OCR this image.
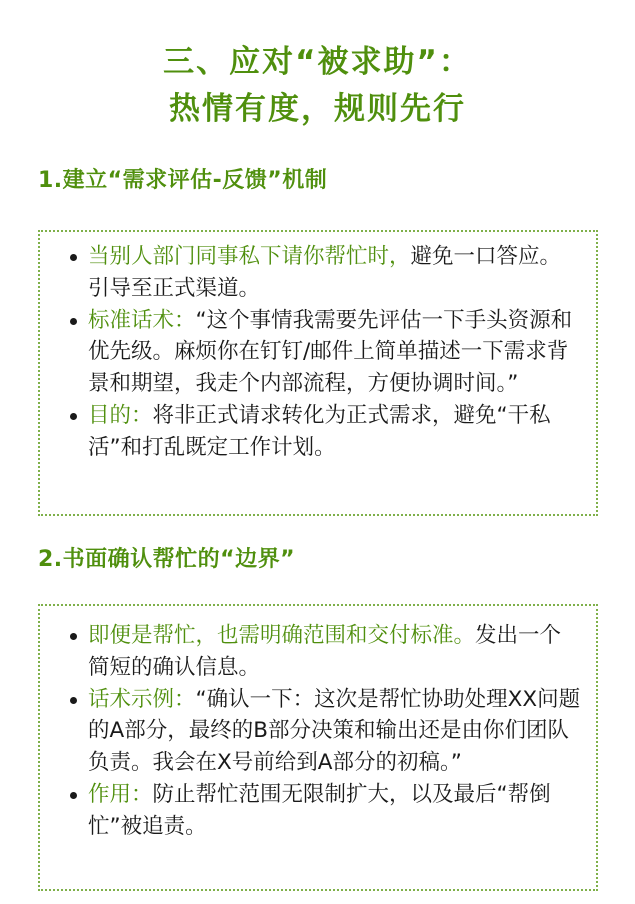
三、应对“被求助”：
热情有度，规则先行
1.建立“需求评估-反馈”机制
当别人部门同事私下请你帮忙时，避免一口答应。引导至正式渠道。
标准话术：“这个事情我需要先评估一下手头资源和优先级。麻烦你在钉钉/邮件上简单描述一下需求背景和期望，我走个内部流程，方便协调时间。”
目的：将非正式请求转化为正式需求，避免“干私活”和打乱既定工作计划。
2.书面确认帮忙的“边界”
即便是帮忙，也需明确范围和交付标准。发出一个简短的确认信息。
话术示例：“确认一下：这次是帮忙协助处理XX问题的A部分，最终的B部分决策和输出还是由你们团队负责。我会在X号前给到A部分的初稿。”
作用：防止帮忙范围无限制扩大，以及最后“帮倒忙”被追责。
